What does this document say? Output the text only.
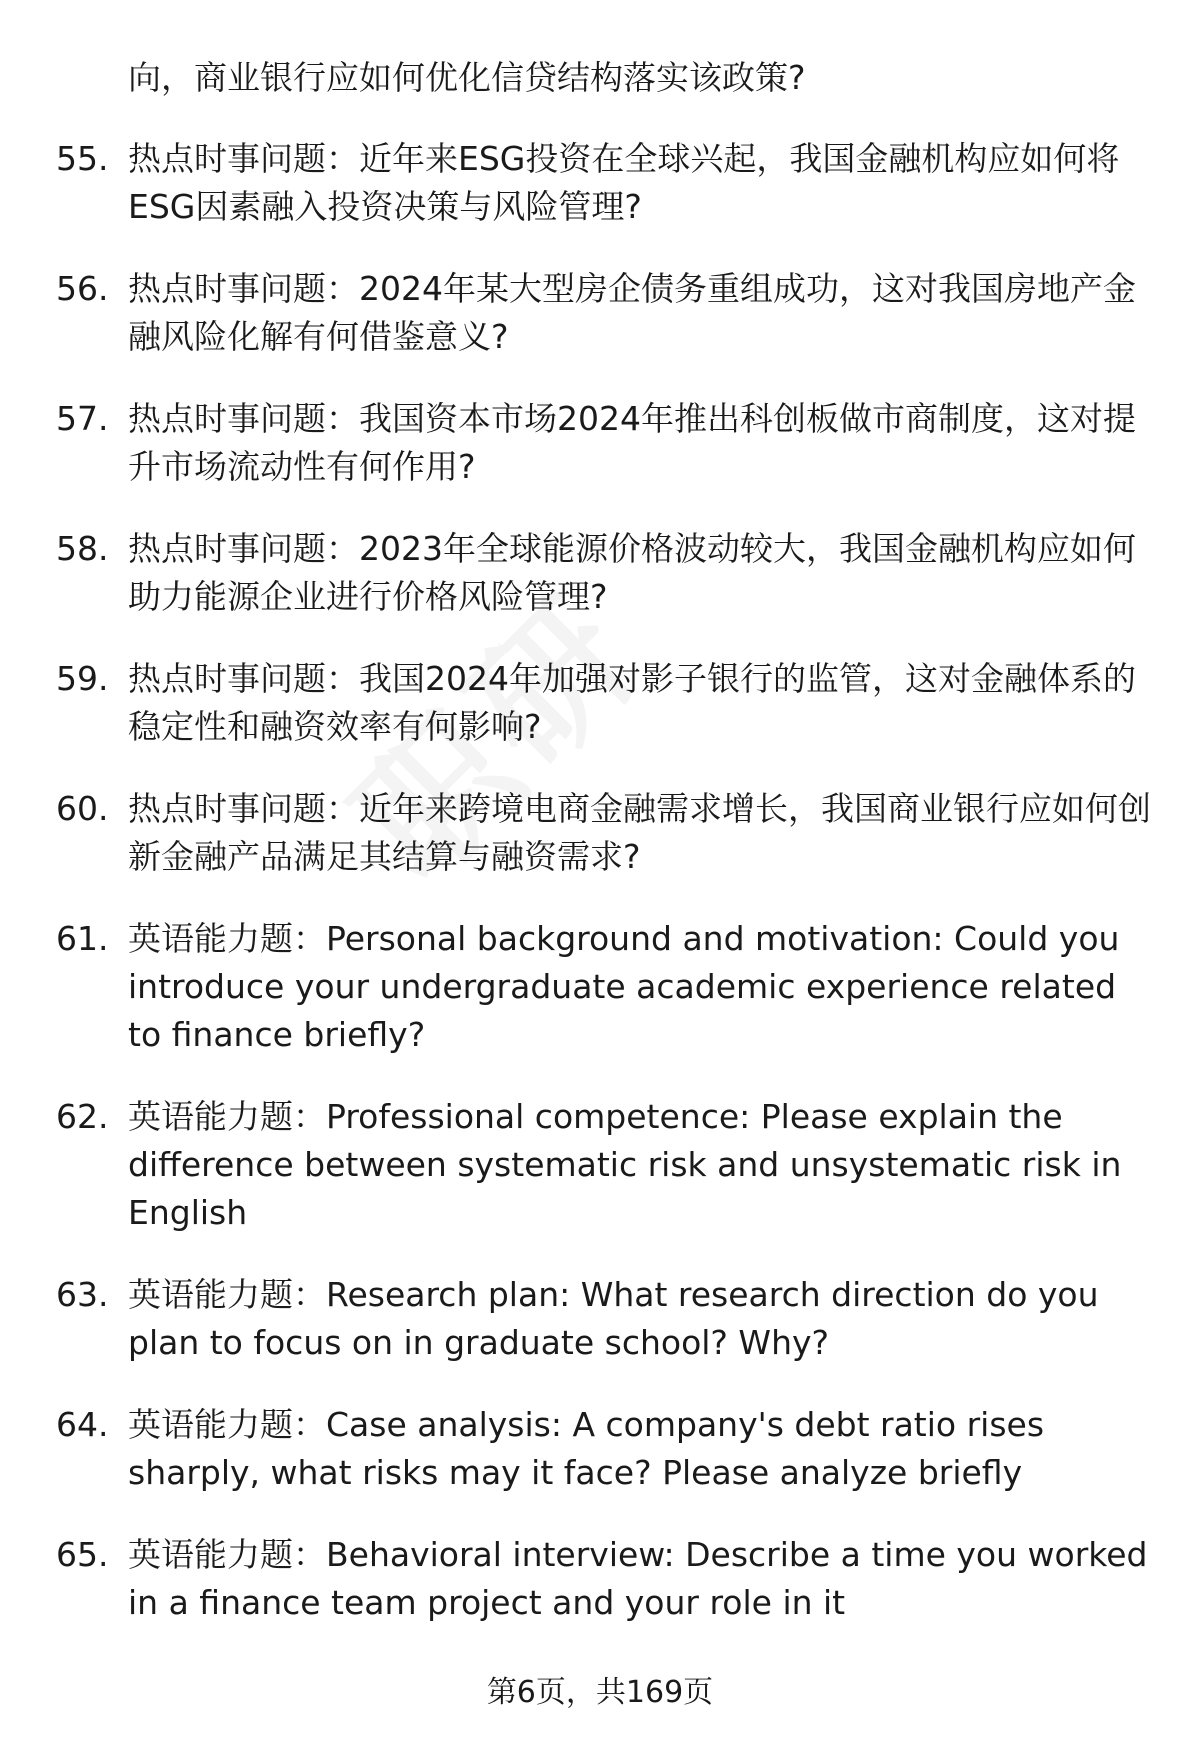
向，商业银行应如何优化信贷结构落实该政策?
55. 热点时事问题：近年来ESG投资在全球兴起，我国金融机构应如何将ESG因素融入投资决策与风险管理?
56. 热点时事问题：2024年某大型房企债务重组成功，这对我国房地产金融风险化解有何借鉴意义?
57. 热点时事问题：我国资本市场2024年推出科创板做市商制度，这对提升市场流动性有何作用?
58. 热点时事问题：2023年全球能源价格波动较大，我国金融机构应如何助力能源企业进行价格风险管理?
59. 热点时事问题：我国2024年加强对影子银行的监管，这对金融体系的稳定性和融资效率有何影响?
60. 热点时事问题：近年来跨境电商金融需求增长，我国商业银行应如何创新金融产品满足其结算与融资需求?
61. 英语能力题：Personal background and motivation: Could you introduce your undergraduate academic experience related to finance briefly?
62. 英语能力题：Professional competence: Please explain the difference between systematic risk and unsystematic risk in English
63. 英语能力题：Research plan: What research direction do you plan to focus on in graduate school? Why?
64. 英语能力题：Case analysis: A company's debt ratio rises sharply, what risks may it face? Please analyze briefly
65. 英语能力题：Behavioral interview: Describe a time you worked in a finance team project and your role in it
第6页，共169页
